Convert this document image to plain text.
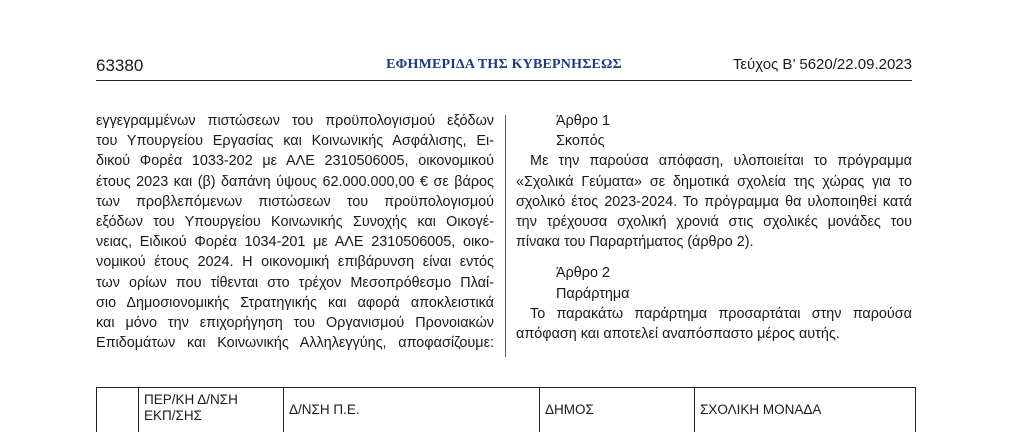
63380	ΕΦΗΜΕΡΙΔΑ ΤΗΣ ΚΥΒΕΡΝΗΣΕΩΣ	Τεύχος Β’ 5620/22.09.2023

εγγεγραμμένων πιστώσεων του προϋπολογισμού εξόδων

του Υπουργείου Εργασίας και Κοινωνικής Ασφάλισης, Ει-

δικού Φορέα 1033-202 με ΑΛΕ 2310506005, οικονομικού

έτους 2023 και (β) δαπάνη ύψους 62.000.000,00 € σε βάρος

των προβλεπόμενων πιστώσεων του προϋπολογισμού

εξόδων του Υπουργείου Κοινωνικής Συνοχής και Οικογέ-

νειας, Ειδικού Φορέα 1034-201 με ΑΛΕ 2310506005, οικο-

νομικού έτους 2024. Η οικονομική επιβάρυνση είναι εντός

των ορίων που τίθενται στο τρέχον Μεσοπρόθεσμο Πλαί-

σιο Δημοσιονομικής Στρατηγικής και αφορά αποκλειστικά

και μόνο την επιχορήγηση του Οργανισμού Προνοιακών

Επιδομάτων και Κοινωνικής Αλληλεγγύης, αποφασίζουμε:

Άρθρο 1

Σκοπός

Με την παρούσα απόφαση, υλοποιείται το πρόγραμμα «Σχολικά Γεύματα» σε δημοτικά σχολεία της χώρας για το σχολικό έτος 2023-2024. Το πρόγραμμα θα υλοποιηθεί κατά την τρέχουσα σχολική χρονιά στις σχολικές μονάδες του πίνακα του Παραρτήματος (άρθρο 2).

Άρθρο 2

Παράρτημα

Το παρακάτω παράρτημα προσαρτάται στην παρούσα απόφαση και αποτελεί αναπόσπαστο μέρος αυτής.

ΠΕΡ/ΚΗ Δ/ΝΣΗ
ΕΚΠ/ΣΗΣ	Δ/ΝΣΗ Π.Ε.	ΔΗΜΟΣ	ΣΧΟΛΙΚΗ ΜΟΝΑΔΑ
